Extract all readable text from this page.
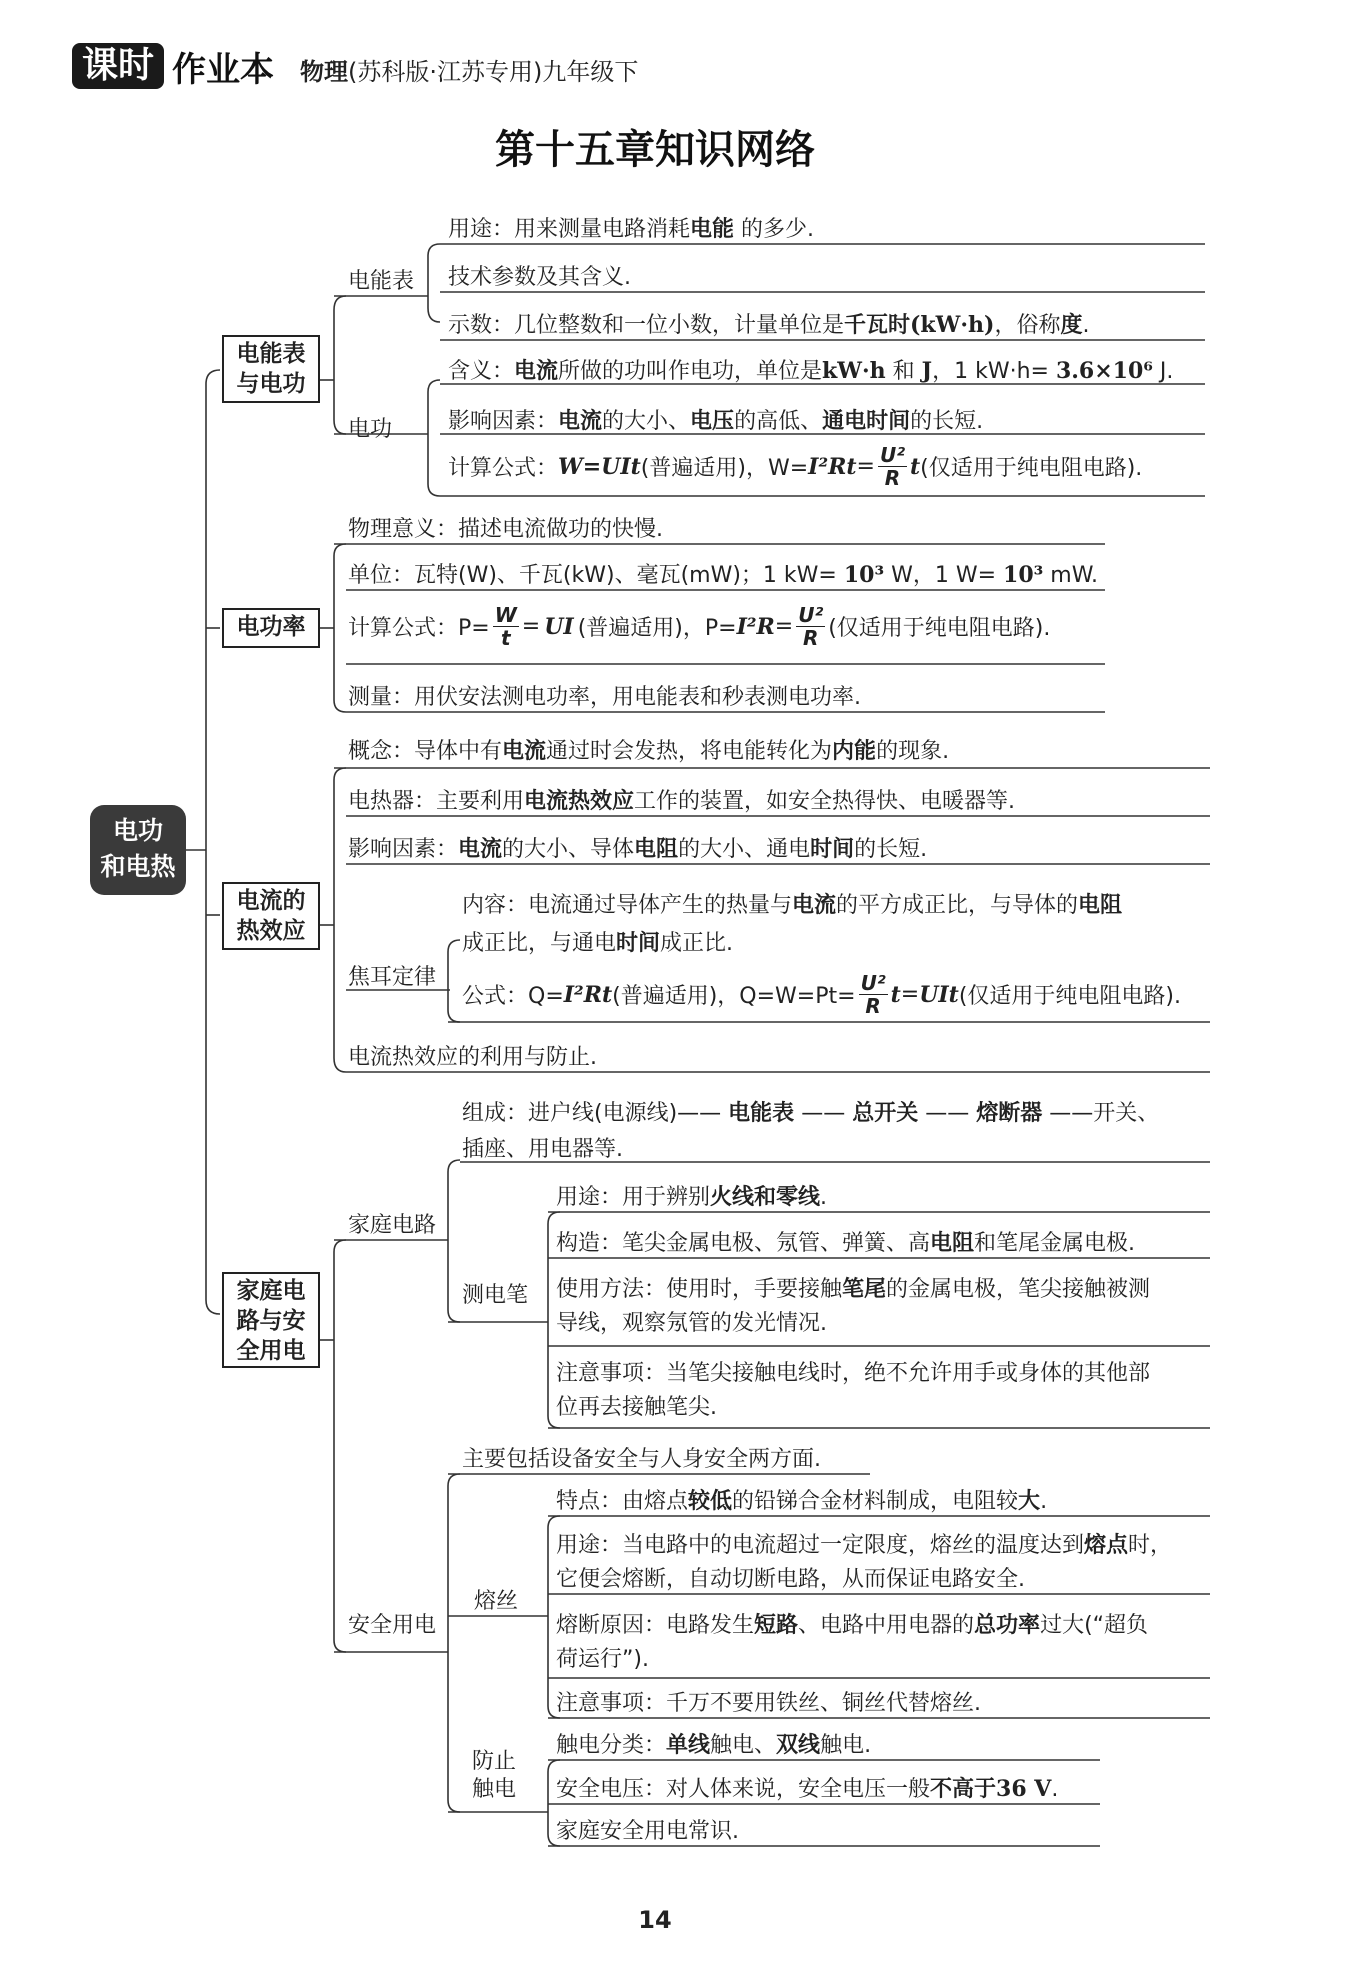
课时 作业本 物理(苏科版·江苏专用)九年级下
第十五章知识网络
电功
和电热
电能表
与电功
电能表
用途：用来测量电路消耗电能 的多少.
技术参数及其含义.
示数：几位整数和一位小数，计量单位是千瓦时(kW·h)，俗称度.
电功
含义：电流所做的功叫作电功，单位是kW·h 和 J，1 kW·h= 3.6×10⁶ J.
影响因素：电流的大小、电压的高低、通电时间的长短.
计算公式： W=UIt (普遍适用)，$W= I^2Rt = \frac{\text{U²}}{R}$ t (仅适用于纯电阻电路).
电功率
物理意义：描述电流做功的快慢.
单位：瓦特(W)、千瓦(kW)、毫瓦(mW)；1 kW= 10³ W，1 W= 10³ mW.
计算公式：$P= \frac{W}{t}$ = UI (普遍适用)，$P= I^2R = \frac{\text{U²}}{R}$ (仅适用于纯电阻电路).
测量：用伏安法测电功率，用电能表和秒表测电功率.
电流的
热效应
概念：导体中有电流通过时会发热，将电能转化为内能的现象.
电热器：主要利用电流热效应工作的装置，如安全热得快、电暖器等.
影响因素：电流的大小、导体电阻的大小、通电时间的长短.
焦耳定律
内容：电流通过导体产生的热量与电流的平方成正比，与导体的电阻
成正比，与通电时间成正比.
公式：Q= I²Rt (普遍适用)，$Q=W=Pt= \frac{\text{U²}}{R}$ t = UIt (仅适用于纯电阻电路).
电流热效应的利用与防止.
家庭电
路与安
全用电
家庭电路
组成：进户线(电源线)—— 电能表 —— 总开关 —— 熔断器 ——开关、
插座、用电器等.
测电笔
用途：用于辨别火线和零线.
构造：笔尖金属电极、氖管、弹簧、高电阻和笔尾金属电极.
使用方法：使用时，手要接触笔尾的金属电极，笔尖接触被测
导线，观察氖管的发光情况.
注意事项：当笔尖接触电线时，绝不允许用手或身体的其他部
位再去接触笔尖.
安全用电
主要包括设备安全与人身安全两方面.
熔丝
特点：由熔点较低的铅锑合金材料制成，电阻较大.
用途：当电路中的电流超过一定限度，熔丝的温度达到熔点时，
它便会熔断，自动切断电路，从而保证电路安全.
熔断原因：电路发生短路、电路中用电器的总功率过大(“超负
荷运行”).
注意事项：千万不要用铁丝、铜丝代替熔丝.
防止
触电
触电分类：单线触电、双线触电.
安全电压：对人体来说，安全电压一般不高于36 V.
家庭安全用电常识.
14
